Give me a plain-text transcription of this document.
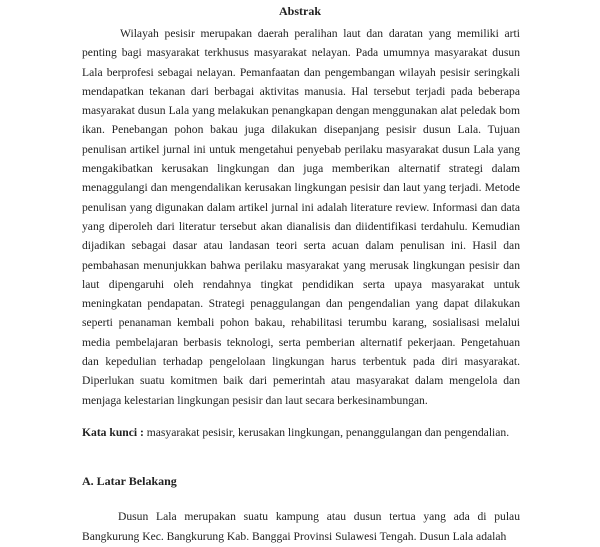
Abstrak

Wilayah pesisir merupakan daerah peralihan laut dan daratan yang memiliki arti penting bagi masyarakat terkhusus masyarakat nelayan. Pada umumnya masyarakat dusun Lala berprofesi sebagai nelayan. Pemanfaatan dan pengembangan wilayah pesisir seringkali mendapatkan tekanan dari berbagai aktivitas manusia. Hal tersebut terjadi pada beberapa masyarakat dusun Lala yang melakukan penangkapan dengan menggunakan alat peledak bom ikan. Penebangan pohon bakau juga dilakukan disepanjang pesisir dusun Lala. Tujuan penulisan artikel jurnal ini untuk mengetahui penyebab perilaku masyarakat dusun Lala yang mengakibatkan kerusakan lingkungan dan juga memberikan alternatif strategi dalam menaggulangi dan mengendalikan kerusakan lingkungan pesisir dan laut yang terjadi. Metode penulisan yang digunakan dalam artikel jurnal ini adalah literature review. Informasi dan data yang diperoleh dari literatur tersebut akan dianalisis dan diidentifikasi terdahulu. Kemudian dijadikan sebagai dasar atau landasan teori serta acuan dalam penulisan ini. Hasil dan pembahasan menunjukkan bahwa perilaku masyarakat yang merusak lingkungan pesisir dan laut dipengaruhi oleh rendahnya tingkat pendidikan serta upaya masyarakat untuk meningkatan pendapatan. Strategi penaggulangan dan pengendalian yang dapat dilakukan seperti penanaman kembali pohon bakau, rehabilitasi terumbu karang, sosialisasi melalui media pembelajaran berbasis teknologi, serta pemberian alternatif pekerjaan. Pengetahuan dan kepedulian terhadap pengelolaan lingkungan harus terbentuk pada diri masyarakat. Diperlukan suatu komitmen baik dari pemerintah atau masyarakat dalam mengelola dan menjaga kelestarian lingkungan pesisir dan laut secara berkesinambungan.

Kata kunci : masyarakat pesisir, kerusakan lingkungan, penanggulangan dan pengendalian.

A. Latar Belakang

Dusun Lala merupakan suatu kampung atau dusun tertua yang ada di pulau Bangkurung Kec. Bangkurung Kab. Banggai Provinsi Sulawesi Tengah. Dusun Lala adalah
